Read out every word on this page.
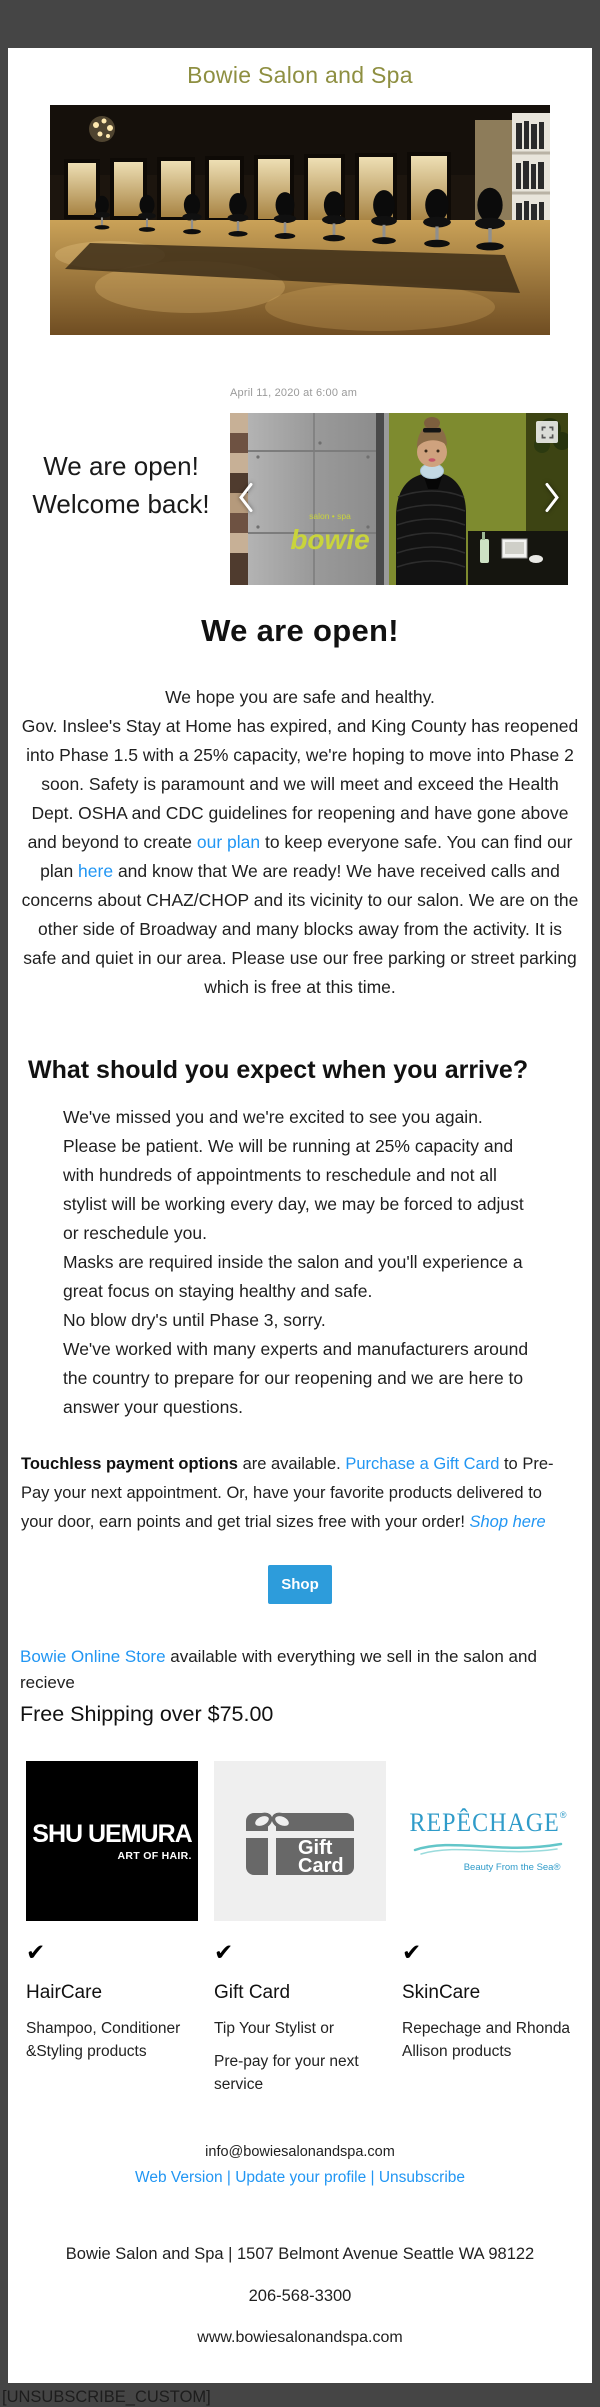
Bowie Salon and Spa
We are open!
Welcome back!
April 11, 2020 at 6:00 am
salon • spa
bowie
We are open!

We hope you are safe and healthy.
Gov. Inslee's Stay at Home has expired, and King County has reopened into Phase 1.5 with a 25% capacity, we're hoping to move into Phase 2 soon. Safety is paramount and we will meet and exceed the Health Dept. OSHA and CDC guidelines for reopening and have gone above and beyond to create our plan to keep everyone safe. You can find our plan here and know that We are ready! We have received calls and concerns about CHAZ/CHOP and its vicinity to our salon. We are on the other side of Broadway and many blocks away from the activity. It is safe and quiet in our area. Please use our free parking or street parking which is free at this time.

What should you expect when you arrive?

We've missed you and we're excited to see you again.

Please be patient. We will be running at 25% capacity and with hundreds of appointments to reschedule and not all stylist will be working every day, we may be forced to adjust or reschedule you.

Masks are required inside the salon and you'll experience a great focus on staying healthy and safe.

No blow dry's until Phase 3, sorry.

We've worked with many experts and manufacturers around the country to prepare for our reopening and we are here to answer your questions.

Touchless payment options are available. Purchase a Gift Card to Pre-Pay your next appointment. Or, have your favorite products delivered to your door, earn points and get trial sizes free with your order! Shop here

Shop

Bowie Online Store available with everything we sell in the salon and recieve

Free Shipping over $75.00
SHU UEMURA
ART OF HAIR.
✔
HairCare

Shampoo, Conditioner
&Styling products

Gift
Card
✔
Gift Card

Tip Your Stylist or

Pre-pay for your next service

REPÊCHAGE®
Beauty From the Sea®
✔
SkinCare

Repechage and Rhonda
Allison products

info@bowiesalonandspa.com
Web Version | Update your profile | Unsubscribe
Bowie Salon and Spa | 1507 Belmont Avenue Seattle WA 98122
206-568-3300
www.bowiesalonandspa.com
[UNSUBSCRIBE_CUSTOM]
